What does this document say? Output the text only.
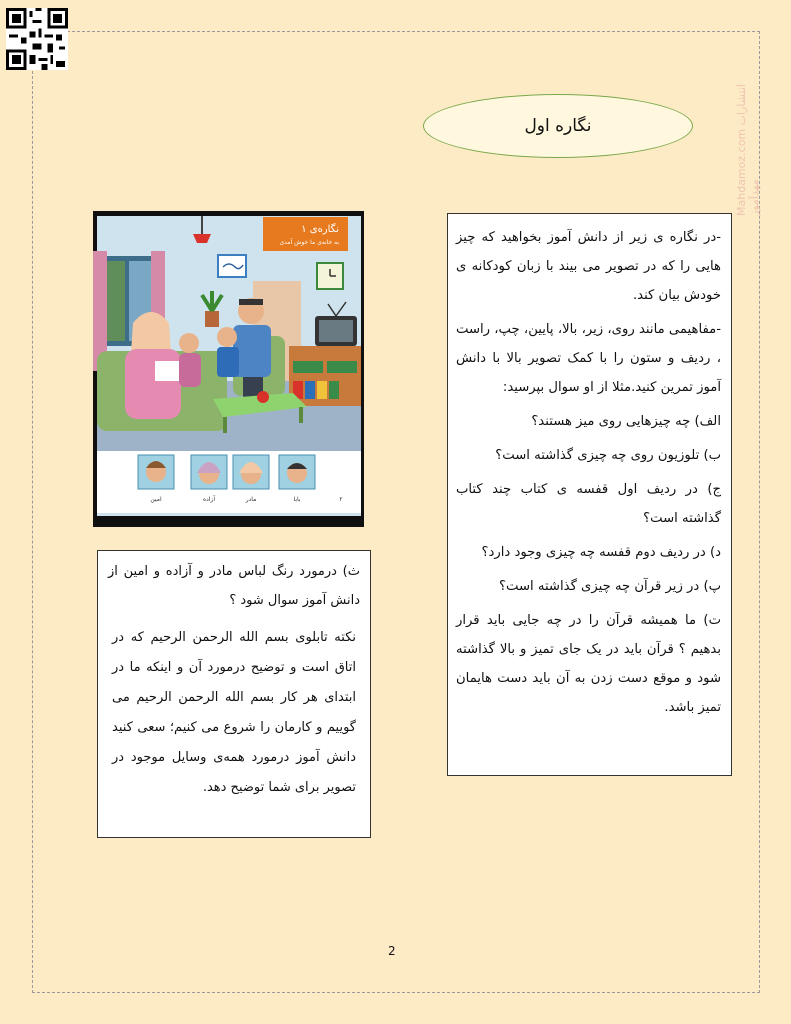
Mahdamoz.com انتشارات مهدآموز
نگاره اول
نگاره‌ی ۱
به خانه‌ی ما خوش آمدی
امین	آزاده	مادر	بابا	۲

-در نگاره ی زیر از دانش آموز بخواهید که چیز هایی را که در تصویر می بیند با زبان کودکانه ی خودش بیان کند.

-مفاهیمی مانند روی، زیر، بالا، پایین، چپ، راست ، ردیف و ستون را با کمک تصویر بالا با دانش آموز تمرین کنید.مثلا از او سوال بپرسید:

الف) چه چیزهایی روی میز هستند؟

ب) تلوزیون روی چه چیزی گذاشته است؟

ج) در ردیف اول قفسه ی کتاب چند کتاب گذاشته است؟

د) در ردیف دوم قفسه چه چیزی وجود دارد؟

پ) در زیر قرآن چه چیزی گذاشته است؟

ت) ما همیشه قرآن را در چه جایی باید قرار بدهیم ؟ قرآن باید در یک جای تمیز و بالا گذاشته شود و موقع دست زدن به آن باید دست هایمان تمیز باشد.

ث) درمورد رنگ لباس مادر و آزاده و امین از دانش آموز سوال شود ؟

نکته تابلوی بسم الله الرحمن الرحیم که در اتاق است و توضیح درمورد آن و اینکه ما در ابتدای هر کار بسم الله الرحمن الرحیم می گوییم و کارمان را شروع می کنیم؛ سعی کنید دانش آموز درمورد همه‌ی وسایل موجود در تصویر برای شما توضیح دهد.

2
